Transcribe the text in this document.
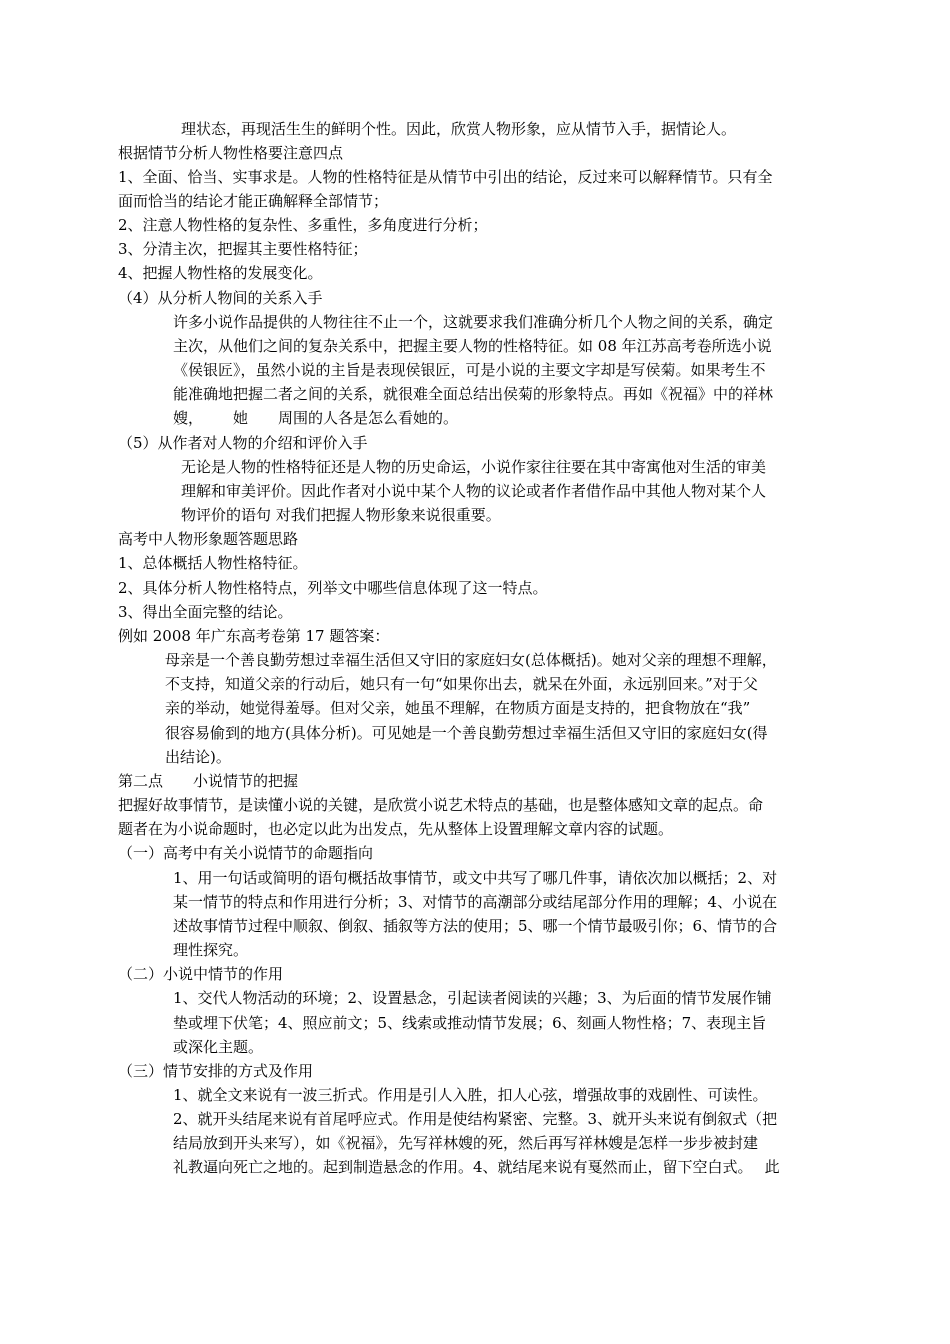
理状态，再现活生生的鲜明个性。因此，欣赏人物形象，应从情节入手，据情论人。
根据情节分析人物性格要注意四点
1、全面、恰当、实事求是。人物的性格特征是从情节中引出的结论，反过来可以解释情节。只有全
面而恰当的结论才能正确解释全部情节；
2、注意人物性格的复杂性、多重性，多角度进行分析；
3、分清主次，把握其主要性格特征；
4、把握人物性格的发展变化。
（4）从分析人物间的关系入手
许多小说作品提供的人物往往不止一个，这就要求我们准确分析几个人物之间的关系，确定
主次，从他们之间的复杂关系中，把握主要人物的性格特征。如 08 年江苏高考卷所选小说
《侯银匠》，虽然小说的主旨是表现侯银匠，可是小说的主要文字却是写侯菊。如果考生不
能准确地把握二者之间的关系，就很难全面总结出侯菊的形象特点。再如《祝福》中的祥林
嫂， 她 周围的人各是怎么看她的。
（5）从作者对人物的介绍和评价入手
无论是人物的性格特征还是人物的历史命运，小说作家往往要在其中寄寓他对生活的审美
理解和审美评价。因此作者对小说中某个人物的议论或者作者借作品中其他人物对某个人
物评价的语句 对我们把握人物形象来说很重要。
高考中人物形象题答题思路
1、总体概括人物性格特征。
2、具体分析人物性格特点，列举文中哪些信息体现了这一特点。
3、得出全面完整的结论。
例如 2008 年广东高考卷第 17 题答案：
母亲是一个善良勤劳想过幸福生活但又守旧的家庭妇女(总体概括)。她对父亲的理想不理解，
不支持，知道父亲的行动后，她只有一句“如果你出去，就呆在外面，永远别回来。”对于父
亲的举动，她觉得羞辱。但对父亲，她虽不理解，在物质方面是支持的，把食物放在“我”
很容易偷到的地方(具体分析)。可见她是一个善良勤劳想过幸福生活但又守旧的家庭妇女(得
出结论)。
第二点 小说情节的把握
把握好故事情节，是读懂小说的关键，是欣赏小说艺术特点的基础，也是整体感知文章的起点。命
题者在为小说命题时，也必定以此为出发点，先从整体上设置理解文章内容的试题。
（一）高考中有关小说情节的命题指向
1、用一句话或简明的语句概括故事情节，或文中共写了哪几件事，请依次加以概括；2、对
某一情节的特点和作用进行分析；3、对情节的高潮部分或结尾部分作用的理解；4、小说在
述故事情节过程中顺叙、倒叙、插叙等方法的使用；5、哪一个情节最吸引你；6、情节的合
理性探究。
（二）小说中情节的作用
1、交代人物活动的环境；2、设置悬念，引起读者阅读的兴趣；3、为后面的情节发展作铺
垫或埋下伏笔；4、照应前文；5、线索或推动情节发展；6、刻画人物性格；7、表现主旨
或深化主题。
（三）情节安排的方式及作用
1、就全文来说有一波三折式。作用是引人入胜，扣人心弦，增强故事的戏剧性、可读性。
2、就开头结尾来说有首尾呼应式。作用是使结构紧密、完整。3、就开头来说有倒叙式（把
结局放到开头来写），如《祝福》，先写祥林嫂的死，然后再写祥林嫂是怎样一步步被封建
礼教逼向死亡之地的。起到制造悬念的作用。4、就结尾来说有戛然而止，留下空白式。 此
